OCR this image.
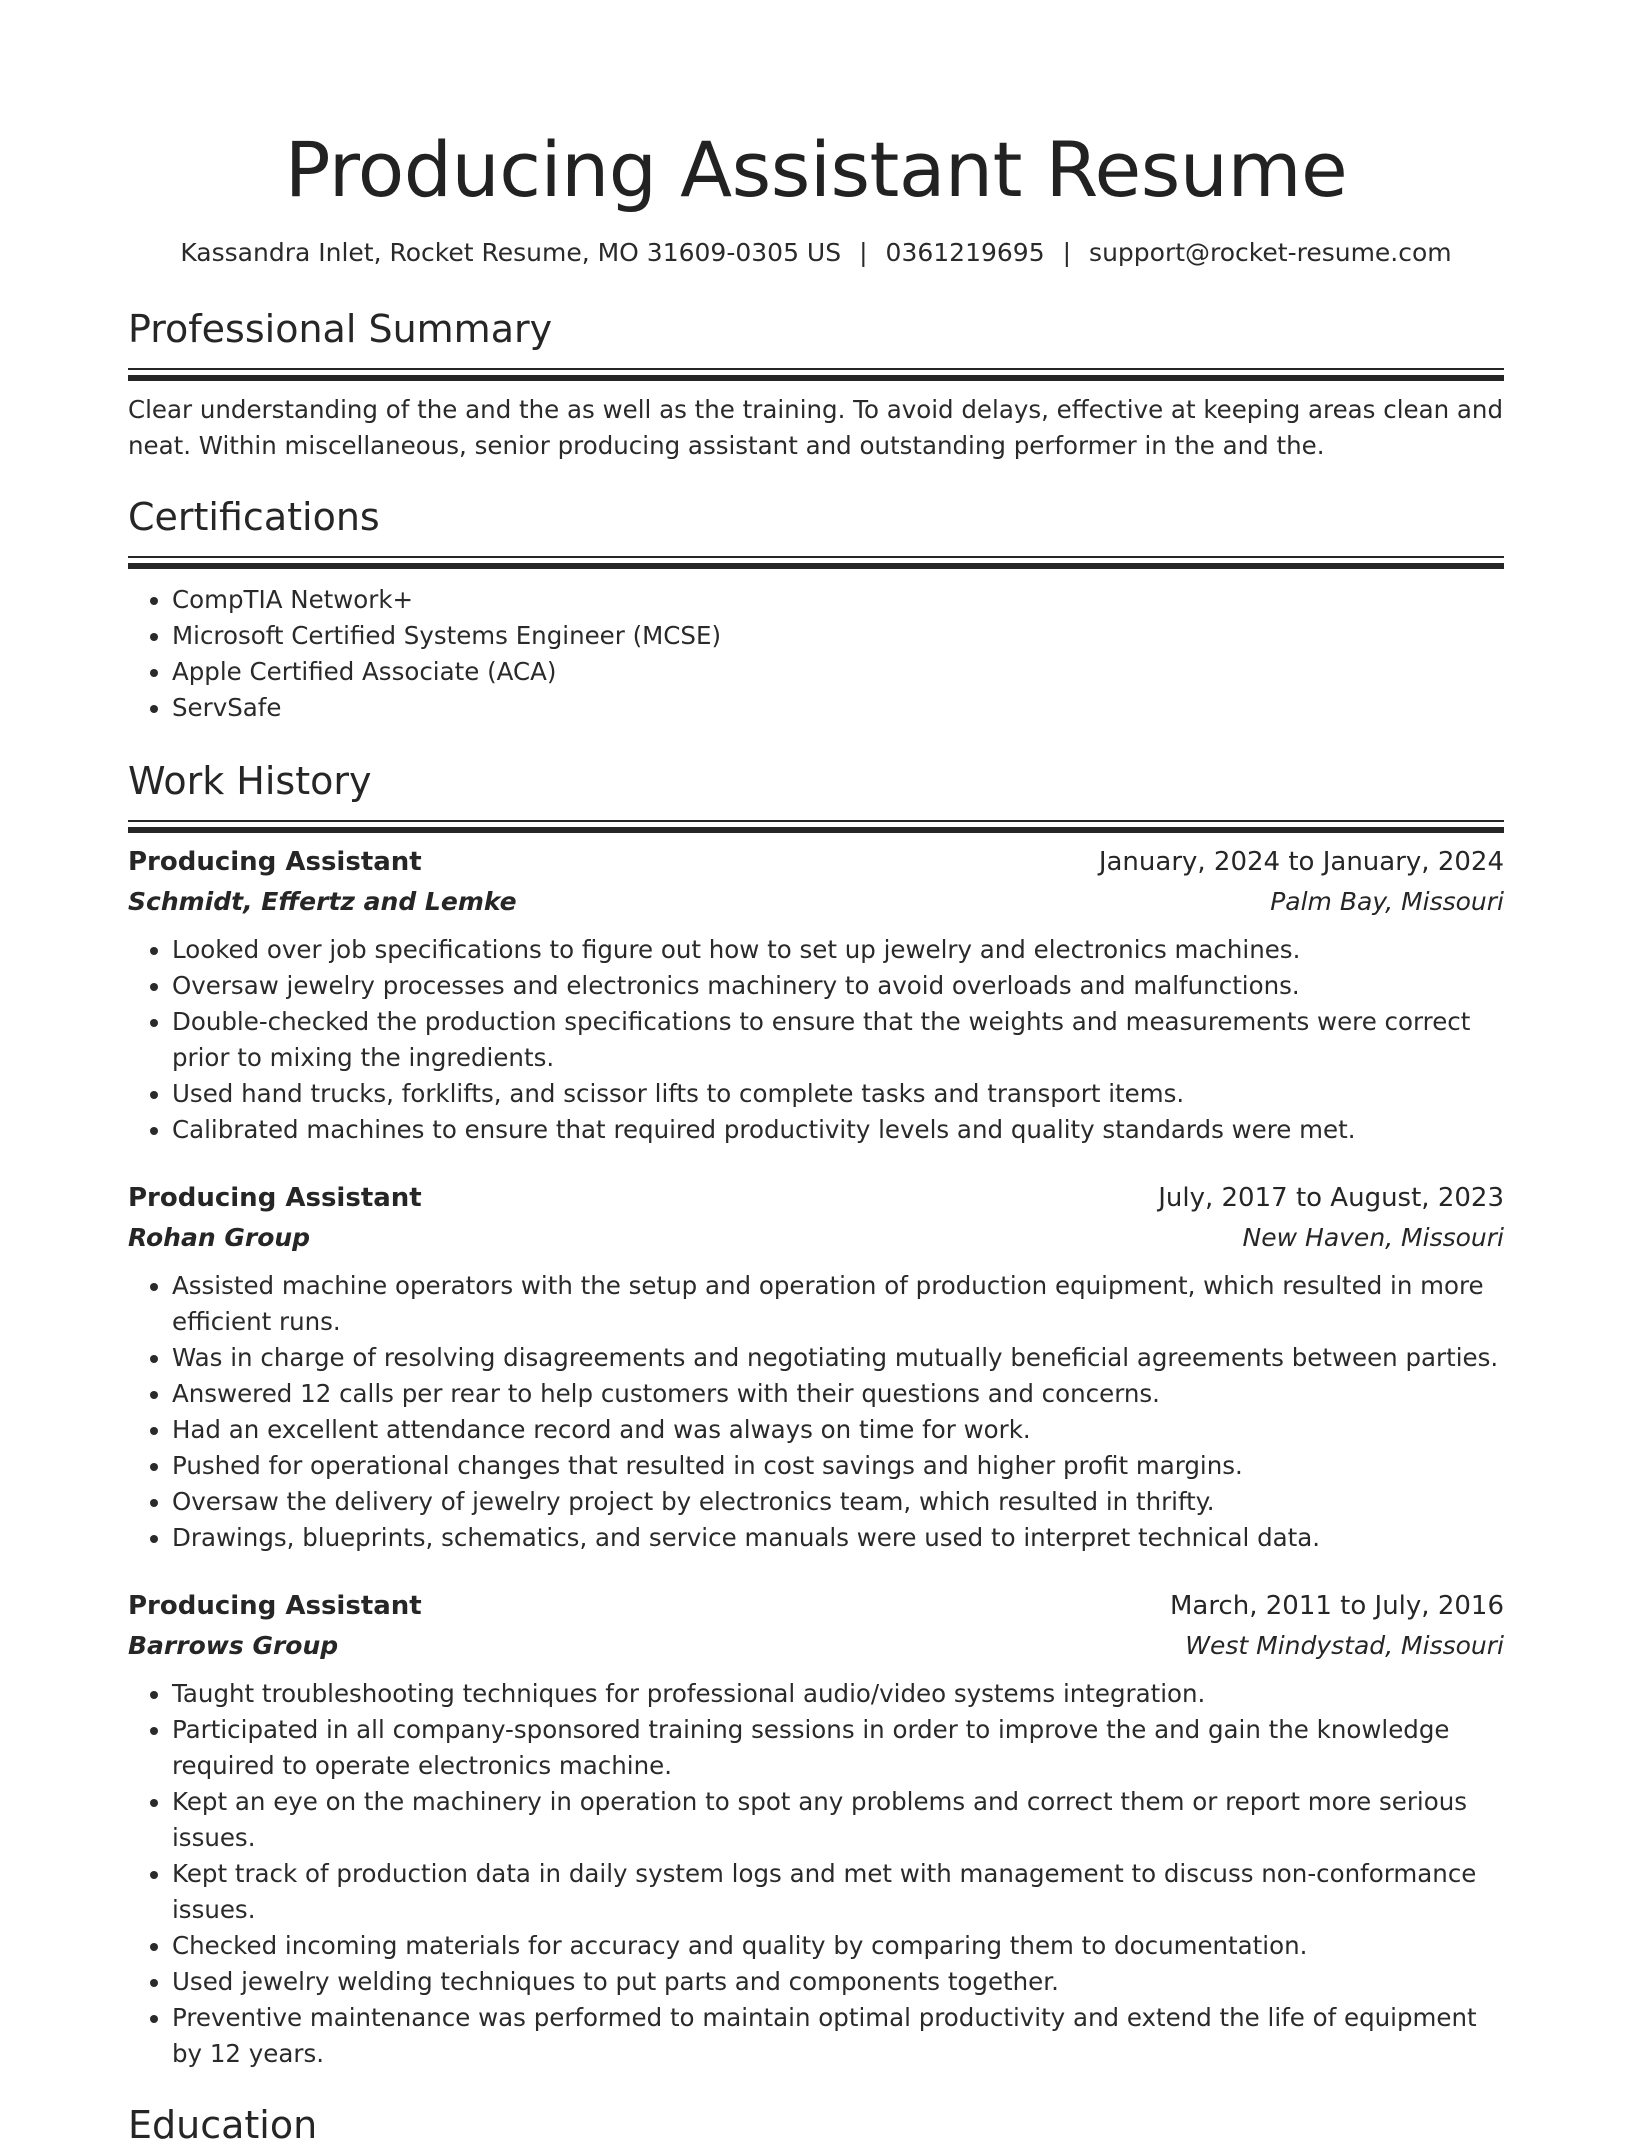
Producing Assistant Resume
Kassandra Inlet, Rocket Resume, MO 31609-0305 US | 0361219695 | support@rocket-resume.com
Professional Summary

Clear understanding of the and the as well as the training. To avoid delays, effective at keeping areas clean and neat. Within miscellaneous, senior producing assistant and outstanding performer in the and the.

Certifications
• CompTIA Network+
• Microsoft Certified Systems Engineer (MCSE)
• Apple Certified Associate (ACA)
• ServSafe
Work History
Producing Assistant	January, 2024 to January, 2024
Schmidt, Effertz and Lemke	Palm Bay, Missouri
• Looked over job specifications to figure out how to set up jewelry and electronics machines.
• Oversaw jewelry processes and electronics machinery to avoid overloads and malfunctions.
• Double-checked the production specifications to ensure that the weights and measurements were correct prior to mixing the ingredients.
• Used hand trucks, forklifts, and scissor lifts to complete tasks and transport items.
• Calibrated machines to ensure that required productivity levels and quality standards were met.
Producing Assistant	July, 2017 to August, 2023
Rohan Group	New Haven, Missouri
• Assisted machine operators with the setup and operation of production equipment, which resulted in more efficient runs.
• Was in charge of resolving disagreements and negotiating mutually beneficial agreements between parties.
• Answered 12 calls per rear to help customers with their questions and concerns.
• Had an excellent attendance record and was always on time for work.
• Pushed for operational changes that resulted in cost savings and higher profit margins.
• Oversaw the delivery of jewelry project by electronics team, which resulted in thrifty.
• Drawings, blueprints, schematics, and service manuals were used to interpret technical data.
Producing Assistant	March, 2011 to July, 2016
Barrows Group	West Mindystad, Missouri
• Taught troubleshooting techniques for professional audio/video systems integration.
• Participated in all company-sponsored training sessions in order to improve the and gain the knowledge required to operate electronics machine.
• Kept an eye on the machinery in operation to spot any problems and correct them or report more serious issues.
• Kept track of production data in daily system logs and met with management to discuss non-conformance issues.
• Checked incoming materials for accuracy and quality by comparing them to documentation.
• Used jewelry welding techniques to put parts and components together.
• Preventive maintenance was performed to maintain optimal productivity and extend the life of equipment by 12 years.
Education
